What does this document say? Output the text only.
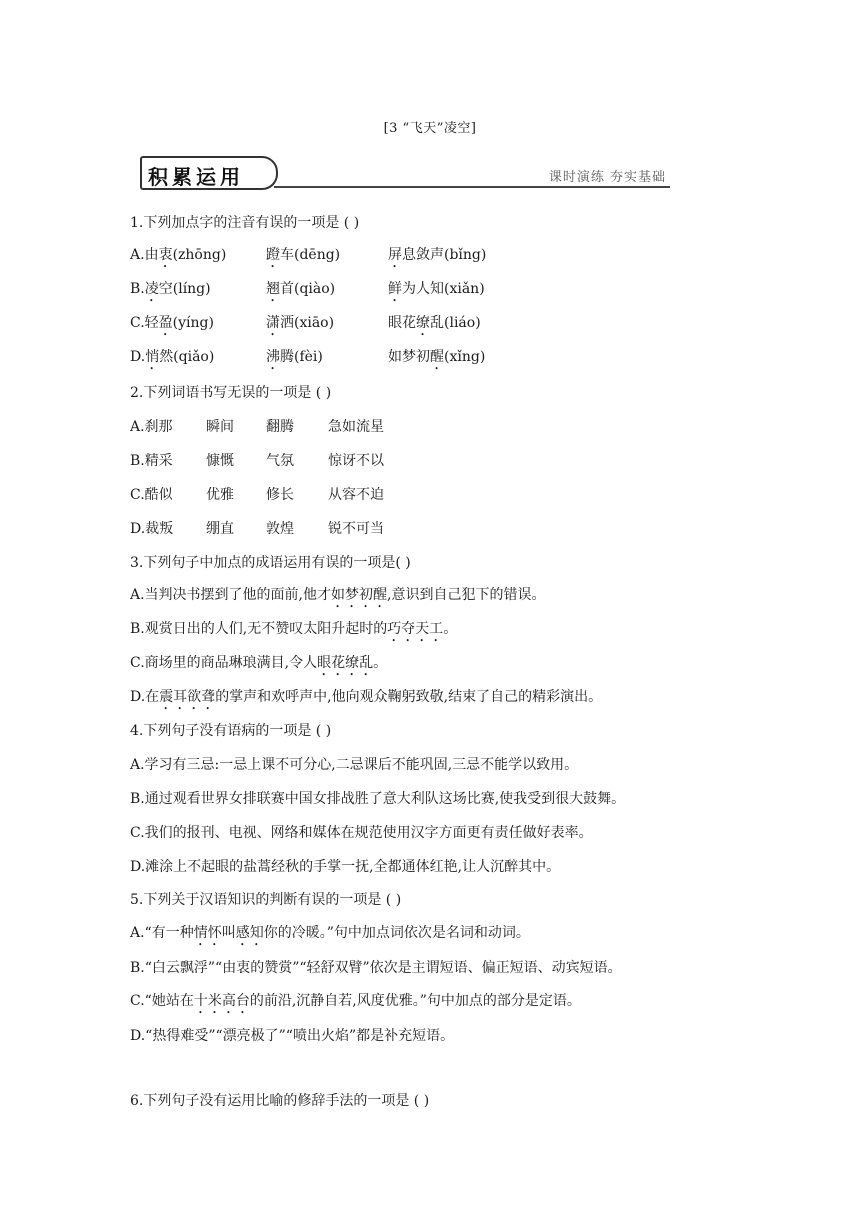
[3 “飞天”凌空]
积累运用	课时演练 夯实基础
1.下列加点字的注音有误的一项是 ( )
A.由衷(zhōng)	蹬车(dēng)	屏息敛声(bǐng)
B.凌空(líng)	翘首(qiào)	鲜为人知(xiǎn)
C.轻盈(yíng)	潇洒(xiāo)	眼花缭乱(liáo)
D.悄然(qiǎo)	沸腾(fèi)	如梦初醒(xǐng)
2.下列词语书写无误的一项是 ( )
A.刹那 瞬间 翻腾 急如流星
B.精采 慷慨 气氛 惊讶不以
C.酷似 优雅 修长 从容不迫
D.裁叛 绷直 敦煌 锐不可当
3.下列句子中加点的成语运用有误的一项是( )
A.当判决书摆到了他的面前,他才如梦初醒,意识到自己犯下的错误。
B.观赏日出的人们,无不赞叹太阳升起时的巧夺天工。
C.商场里的商品琳琅满目,令人眼花缭乱。
D.在震耳欲聋的掌声和欢呼声中,他向观众鞠躬致敬,结束了自己的精彩演出。
4.下列句子没有语病的一项是 ( )
A.学习有三忌:一忌上课不可分心,二忌课后不能巩固,三忌不能学以致用。
B.通过观看世界女排联赛中国女排战胜了意大利队这场比赛,使我受到很大鼓舞。
C.我们的报刊、电视、网络和媒体在规范使用汉字方面更有责任做好表率。
D.滩涂上不起眼的盐蒿经秋的手掌一抚,全都通体红艳,让人沉醉其中。
5.下列关于汉语知识的判断有误的一项是 ( )
A.“有一种情怀叫感知你的冷暖。”句中加点词依次是名词和动词。
B.“白云飘浮”“由衷的赞赏”“轻舒双臂”依次是主谓短语、偏正短语、动宾短语。
C.“她站在十米高台的前沿,沉静自若,风度优雅。”句中加点的部分是定语。
D.“热得难受”“漂亮极了”“喷出火焰”都是补充短语。
6.下列句子没有运用比喻的修辞手法的一项是 ( )
